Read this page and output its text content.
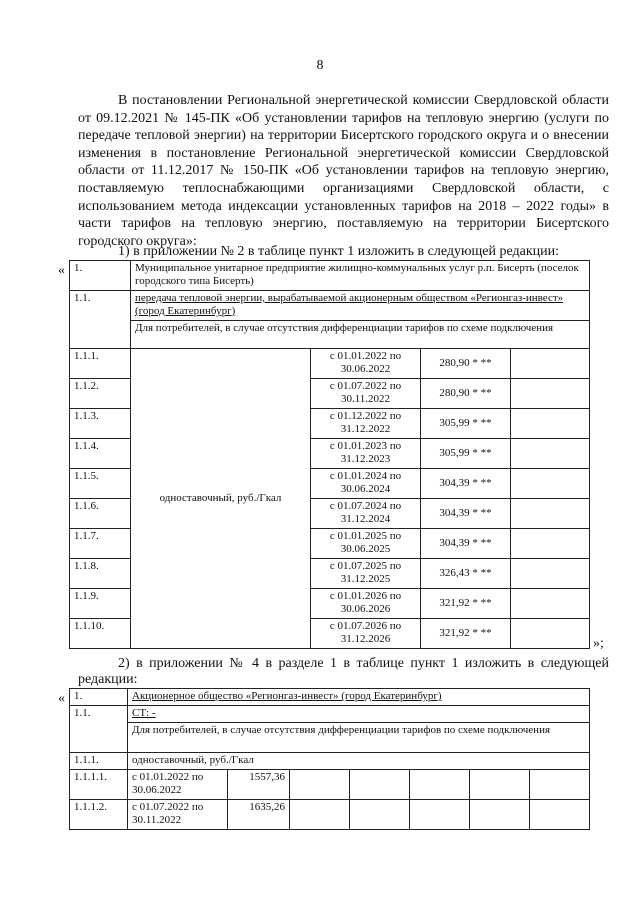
8
В постановлении Региональной энергетической комиссии Свердловской области от 09.12.2021 № 145-ПК «Об установлении тарифов на тепловую энергию (услуги по передаче тепловой энергии) на территории Бисертского городского округа и о внесении изменения в постановление Региональной энергетической комиссии Свердловской области от 11.12.2017 № 150-ПК «Об установлении тарифов на тепловую энергию, поставляемую теплоснабжающими организациями Свердловской области, с использованием метода индексации установленных тарифов на 2018 – 2022 годы» в части тарифов на тепловую энергию, поставляемую на территории Бисертского городского округа»:
1) в приложении № 2 в таблице пункт 1 изложить в следующей редакции:
« 1.	Муниципальное унитарное предприятие жилищно-коммунальных услуг р.п. Бисерть (поселок городского типа Бисерть)			
1.1.	передача тепловой энергии, вырабатываемой акционерным обществом «Регионгаз-инвест» (город Екатеринбург)			
	Для потребителей, в случае отсутствия дифференциации тарифов по схеме подключения			
1.1.1.	одноставочный, руб./Гкал	с 01.01.2022 по 30.06.2022	280,90 * **	
1.1.2.		с 01.07.2022 по 30.11.2022	280,90 * **	
1.1.3.		с 01.12.2022 по 31.12.2022	305,99 * **	
1.1.4.		с 01.01.2023 по 31.12.2023	305,99 * **	
1.1.5.		с 01.01.2024 по 30.06.2024	304,39 * **	
1.1.6.		с 01.07.2024 по 31.12.2024	304,39 * **	
1.1.7.		с 01.01.2025 по 30.06.2025	304,39 * **	
1.1.8.		с 01.07.2025 по 31.12.2025	326,43 * **	
1.1.9.		с 01.01.2026 по 30.06.2026	321,92 * **	
1.1.10.		с 01.07.2026 по 31.12.2026	321,92 * **	
»;
2) в приложении № 4 в разделе 1 в таблице пункт 1 изложить в следующей редакции:
« 1.	Акционерное общество «Регионгаз-инвест» (город Екатеринбург)						
1.1.	СТ: -						
	Для потребителей, в случае отсутствия дифференциации тарифов по схеме подключения						
1.1.1.	одноставочный, руб./Гкал						
1.1.1.1.	с 01.01.2022 по 30.06.2022	1557,36					
1.1.1.2.	с 01.07.2022 по 30.11.2022	1635,26					
